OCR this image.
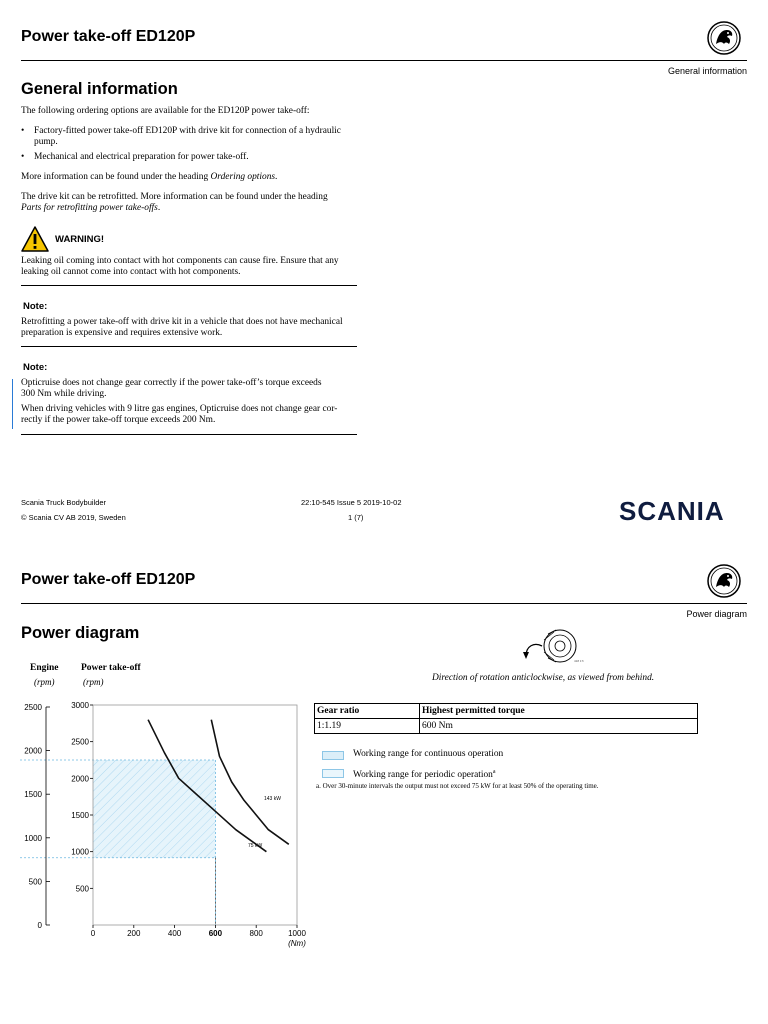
Power take-off ED120P
General information
General information
The following ordering options are available for the ED120P power take-off:
• Factory-fitted power take-off ED120P with drive kit for connection of a hydraulic
pump.
• Mechanical and electrical preparation for power take-off.
More information can be found under the heading Ordering options.
The drive kit can be retrofitted. More information can be found under the heading
Parts for retrofitting power take-offs.
WARNING!
Leaking oil coming into contact with hot components can cause fire. Ensure that any
leaking oil cannot come into contact with hot components.
Note:
Retrofitting a power take-off with drive kit in a vehicle that does not have mechanical
preparation is expensive and requires extensive work.
Note:
Opticruise does not change gear correctly if the power take-off’s torque exceeds
300 Nm while driving.
When driving vehicles with 9 litre gas engines, Opticruise does not change gear cor-
rectly if the power take-off torque exceeds 200 Nm.
Scania Truck Bodybuilder
© Scania CV AB 2019, Sweden
22:10-545 Issue 5 2019-10-02
1 (7)	SCANIA
Power take-off ED120P
Power diagram
Power diagram
418 174
Direction of rotation anticlockwise, as viewed from behind.
Gear ratio	Highest permitted torque
1:1.19	600 Nm
Working range for continuous operation
Working range for periodic operation$^a$
a. Over 30-minute intervals the output must not exceed 75 kW for at least 50% of the operating time.
Engine
(rpm)
Power take-off
(rpm)
0
500
1000
1500
2000
2500
500
1000
1500
2000
2500
3000
0	200	400	600	800	1000
(Nm)
143 kW
75 kW
